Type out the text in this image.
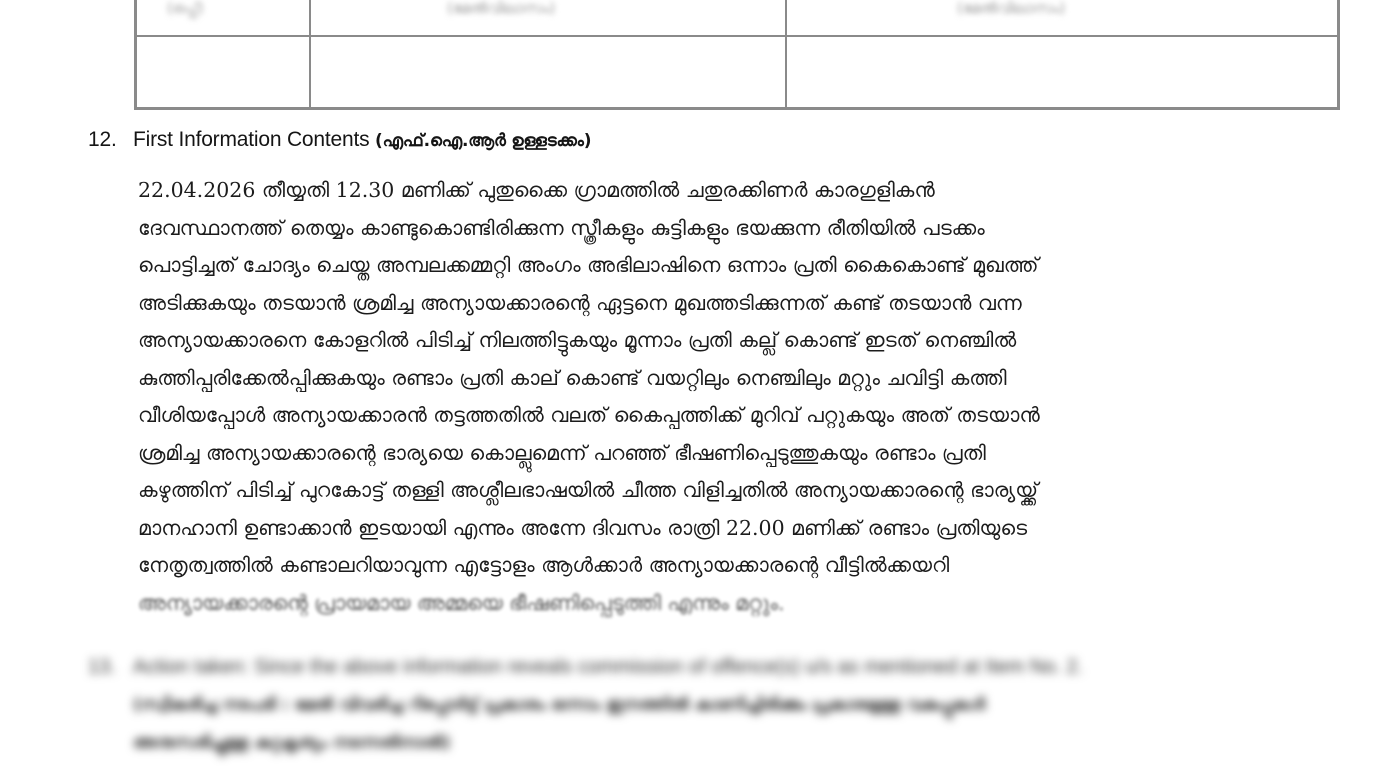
(ഒപ്പ്)	(മേൽവിലാസം)	(മേൽവിലാസം)
12. First Information Contents (എഫ്.ഐ.ആർ ഉള്ളടക്കം)
22.04.2026 തീയ്യതി 12.30 മണിക്ക് പുതുക്കൈ ഗ്രാമത്തിൽ ചതുരക്കിണർ കാരഗുളികൻ
ദേവസ്ഥാനത്ത് തെയ്യം കാണ്ടുകൊണ്ടിരിക്കുന്ന സ്ത്രീകളും കുട്ടികളും ഭയക്കുന്ന രീതിയിൽ പടക്കം
പൊട്ടിച്ചത് ചോദ്യം ചെയ്ത അമ്പലക്കമ്മറ്റി അംഗം അഭിലാഷിനെ ഒന്നാം പ്രതി കൈകൊണ്ട് മുഖത്ത്
അടിക്കുകയും തടയാൻ ശ്രമിച്ച അന്യായക്കാരന്റെ ഏട്ടനെ മുഖത്തടിക്കുന്നത് കണ്ട് തടയാൻ വന്ന
അന്യായക്കാരനെ കോളറിൽ പിടിച്ച് നിലത്തിട്ടുകയും മൂന്നാം പ്രതി കല്ല് കൊണ്ട് ഇടത് നെഞ്ചിൽ
കുത്തിപ്പരിക്കേൽപ്പിക്കുകയും രണ്ടാം പ്രതി കാല് കൊണ്ട് വയറ്റിലും നെഞ്ചിലും മറ്റും ചവിട്ടി കത്തി
വീശിയപ്പോൾ അന്യായക്കാരൻ തട്ടത്തതിൽ വലത് കൈപ്പത്തിക്ക് മുറിവ് പറ്റുകയും അത് തടയാൻ
ശ്രമിച്ച അന്യായക്കാരന്റെ ഭാര്യയെ കൊല്ലുമെന്ന് പറഞ്ഞ് ഭീഷണിപ്പെടുത്തുകയും രണ്ടാം പ്രതി
കഴുത്തിന് പിടിച്ച് പുറകോട്ട് തള്ളി അശ്ലീലഭാഷയിൽ ചീത്ത വിളിച്ചതിൽ അന്യായക്കാരന്റെ ഭാര്യയ്ക്ക്
മാനഹാനി ഉണ്ടാക്കാൻ ഇടയായി എന്നും അന്നേ ദിവസം രാത്രി 22.00 മണിക്ക് രണ്ടാം പ്രതിയുടെ
നേതൃത്വത്തിൽ കണ്ടാലറിയാവുന്ന എട്ടോളം ആൾക്കാർ അന്യായക്കാരന്റെ വീട്ടിൽക്കയറി
അന്യായക്കാരന്റെ പ്രായമായ അമ്മയെ ഭീഷണിപ്പെടുത്തി എന്നും മറ്റും.
13. Action taken: Since the above information reveals commission of offence(s) u/s as mentioned at Item No. 2.
(സ്വീകരിച്ച നടപടി : മേൽ വിവരിച്ച റിപ്പോർട്ട് പ്രകാരം ഒന്നാം ഇനത്തിൽ കാണിച്ചിരിക്കും പ്രകാരമുള്ള വകുപ്പുകൾ
അനുസരിച്ചുള്ള കുറ്റകൃത്യം നടന്നതിനാൽ)
